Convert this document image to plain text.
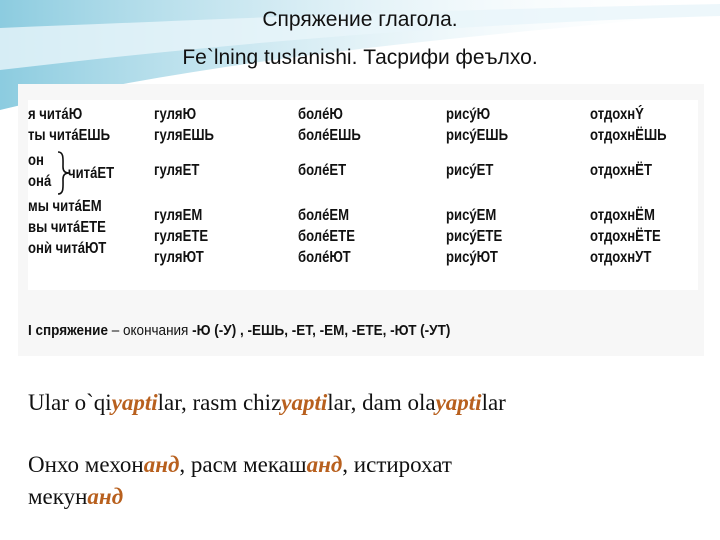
Спряжение глагола.
Fe`lning tuslanishi. Тасрифи феълхо.
я читáЮ
ты читáЕШЬ
он
онá
мы читáЕМ
вы читáЕТЕ
онѝ читáЮТ
читáЕТ
гуляЮ
гуляЕШЬ
гуляЕТ
гуляЕМ
гуляЕТЕ
гуляЮТ
болéЮ
болéЕШЬ
болéЕТ
болéЕМ
болéЕТЕ
болéЮТ
рисýЮ
рисýЕШЬ
рисýЕТ
рисýЕМ
рисýЕТЕ
рисýЮТ
отдохнÝ
отдохнЁШЬ
отдохнЁТ
отдохнЁМ
отдохнЁТЕ
отдохнУТ
I спряжение – окончания -Ю (-У) , -ЕШЬ, -ЕТ, -ЕМ, -ЕТЕ, -ЮТ (-УТ)
Ular o`qiyaptilar, rasm chizyaptilar, dam olayaptilar
Онхо мехонанд, расм мекашанд, истирохат
мекунанд
